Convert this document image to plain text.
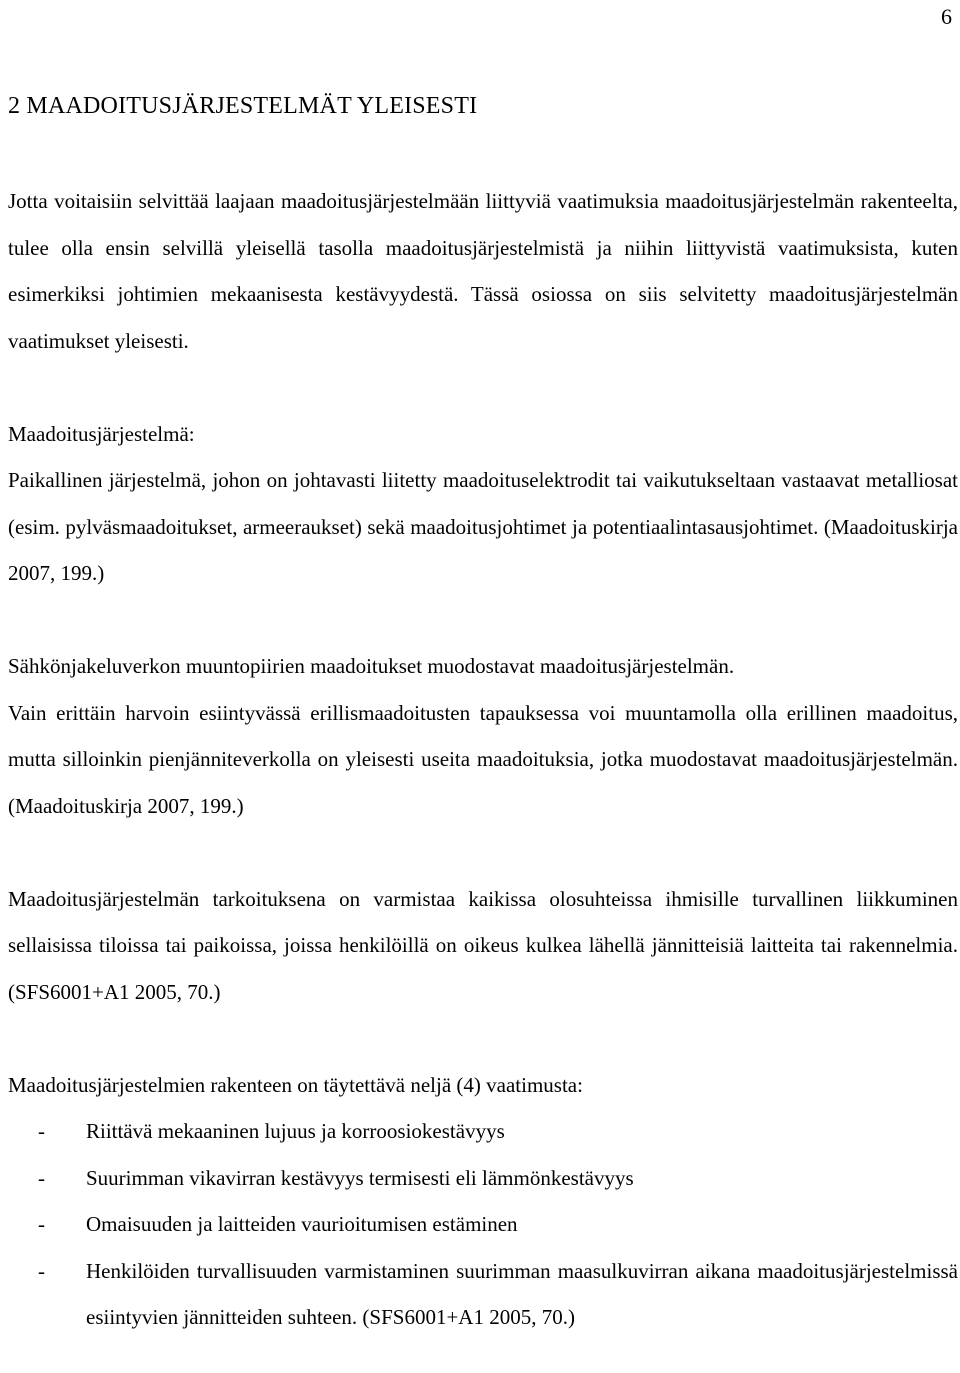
6
2 MAADOITUSJÄRJESTELMÄT YLEISESTI

Jotta voitaisiin selvittää laajaan maadoitusjärjestelmään liittyviä vaatimuksia maadoitusjärjestelmän rakenteelta, tulee olla ensin selvillä yleisellä tasolla maadoitusjärjestelmistä ja niihin liittyvistä vaatimuksista, kuten esimerkiksi johtimien mekaanisesta kestävyydestä. Tässä osiossa on siis selvitetty maadoitusjärjestelmän vaatimukset yleisesti.

Maadoitusjärjestelmä:

Paikallinen järjestelmä, johon on johtavasti liitetty maadoituselektrodit tai vaikutukseltaan vastaavat metalliosat (esim. pylväsmaadoitukset, armeeraukset) sekä maadoitusjohtimet ja potentiaalintasausjohtimet. (Maadoituskirja 2007, 199.)

Sähkönjakeluverkon muuntopiirien maadoitukset muodostavat maadoitusjärjestelmän.

Vain erittäin harvoin esiintyvässä erillismaadoitusten tapauksessa voi muuntamolla olla erillinen maadoitus, mutta silloinkin pienjänniteverkolla on yleisesti useita maadoituksia, jotka muodostavat maadoitusjärjestelmän. (Maadoituskirja 2007, 199.)

Maadoitusjärjestelmän tarkoituksena on varmistaa kaikissa olosuhteissa ihmisille turvallinen liikkuminen sellaisissa tiloissa tai paikoissa, joissa henkilöillä on oikeus kulkea lähellä jännitteisiä laitteita tai rakennelmia. (SFS6001+A1 2005, 70.)

Maadoitusjärjestelmien rakenteen on täytettävä neljä (4) vaatimusta:

- Riittävä mekaaninen lujuus ja korroosiokestävyys
- Suurimman vikavirran kestävyys termisesti eli lämmönkestävyys
- Omaisuuden ja laitteiden vaurioitumisen estäminen
- Henkilöiden turvallisuuden varmistaminen suurimman maasulkuvirran aikana maadoitusjärjestelmissä esiintyvien jännitteiden suhteen. (SFS6001+A1 2005, 70.)
